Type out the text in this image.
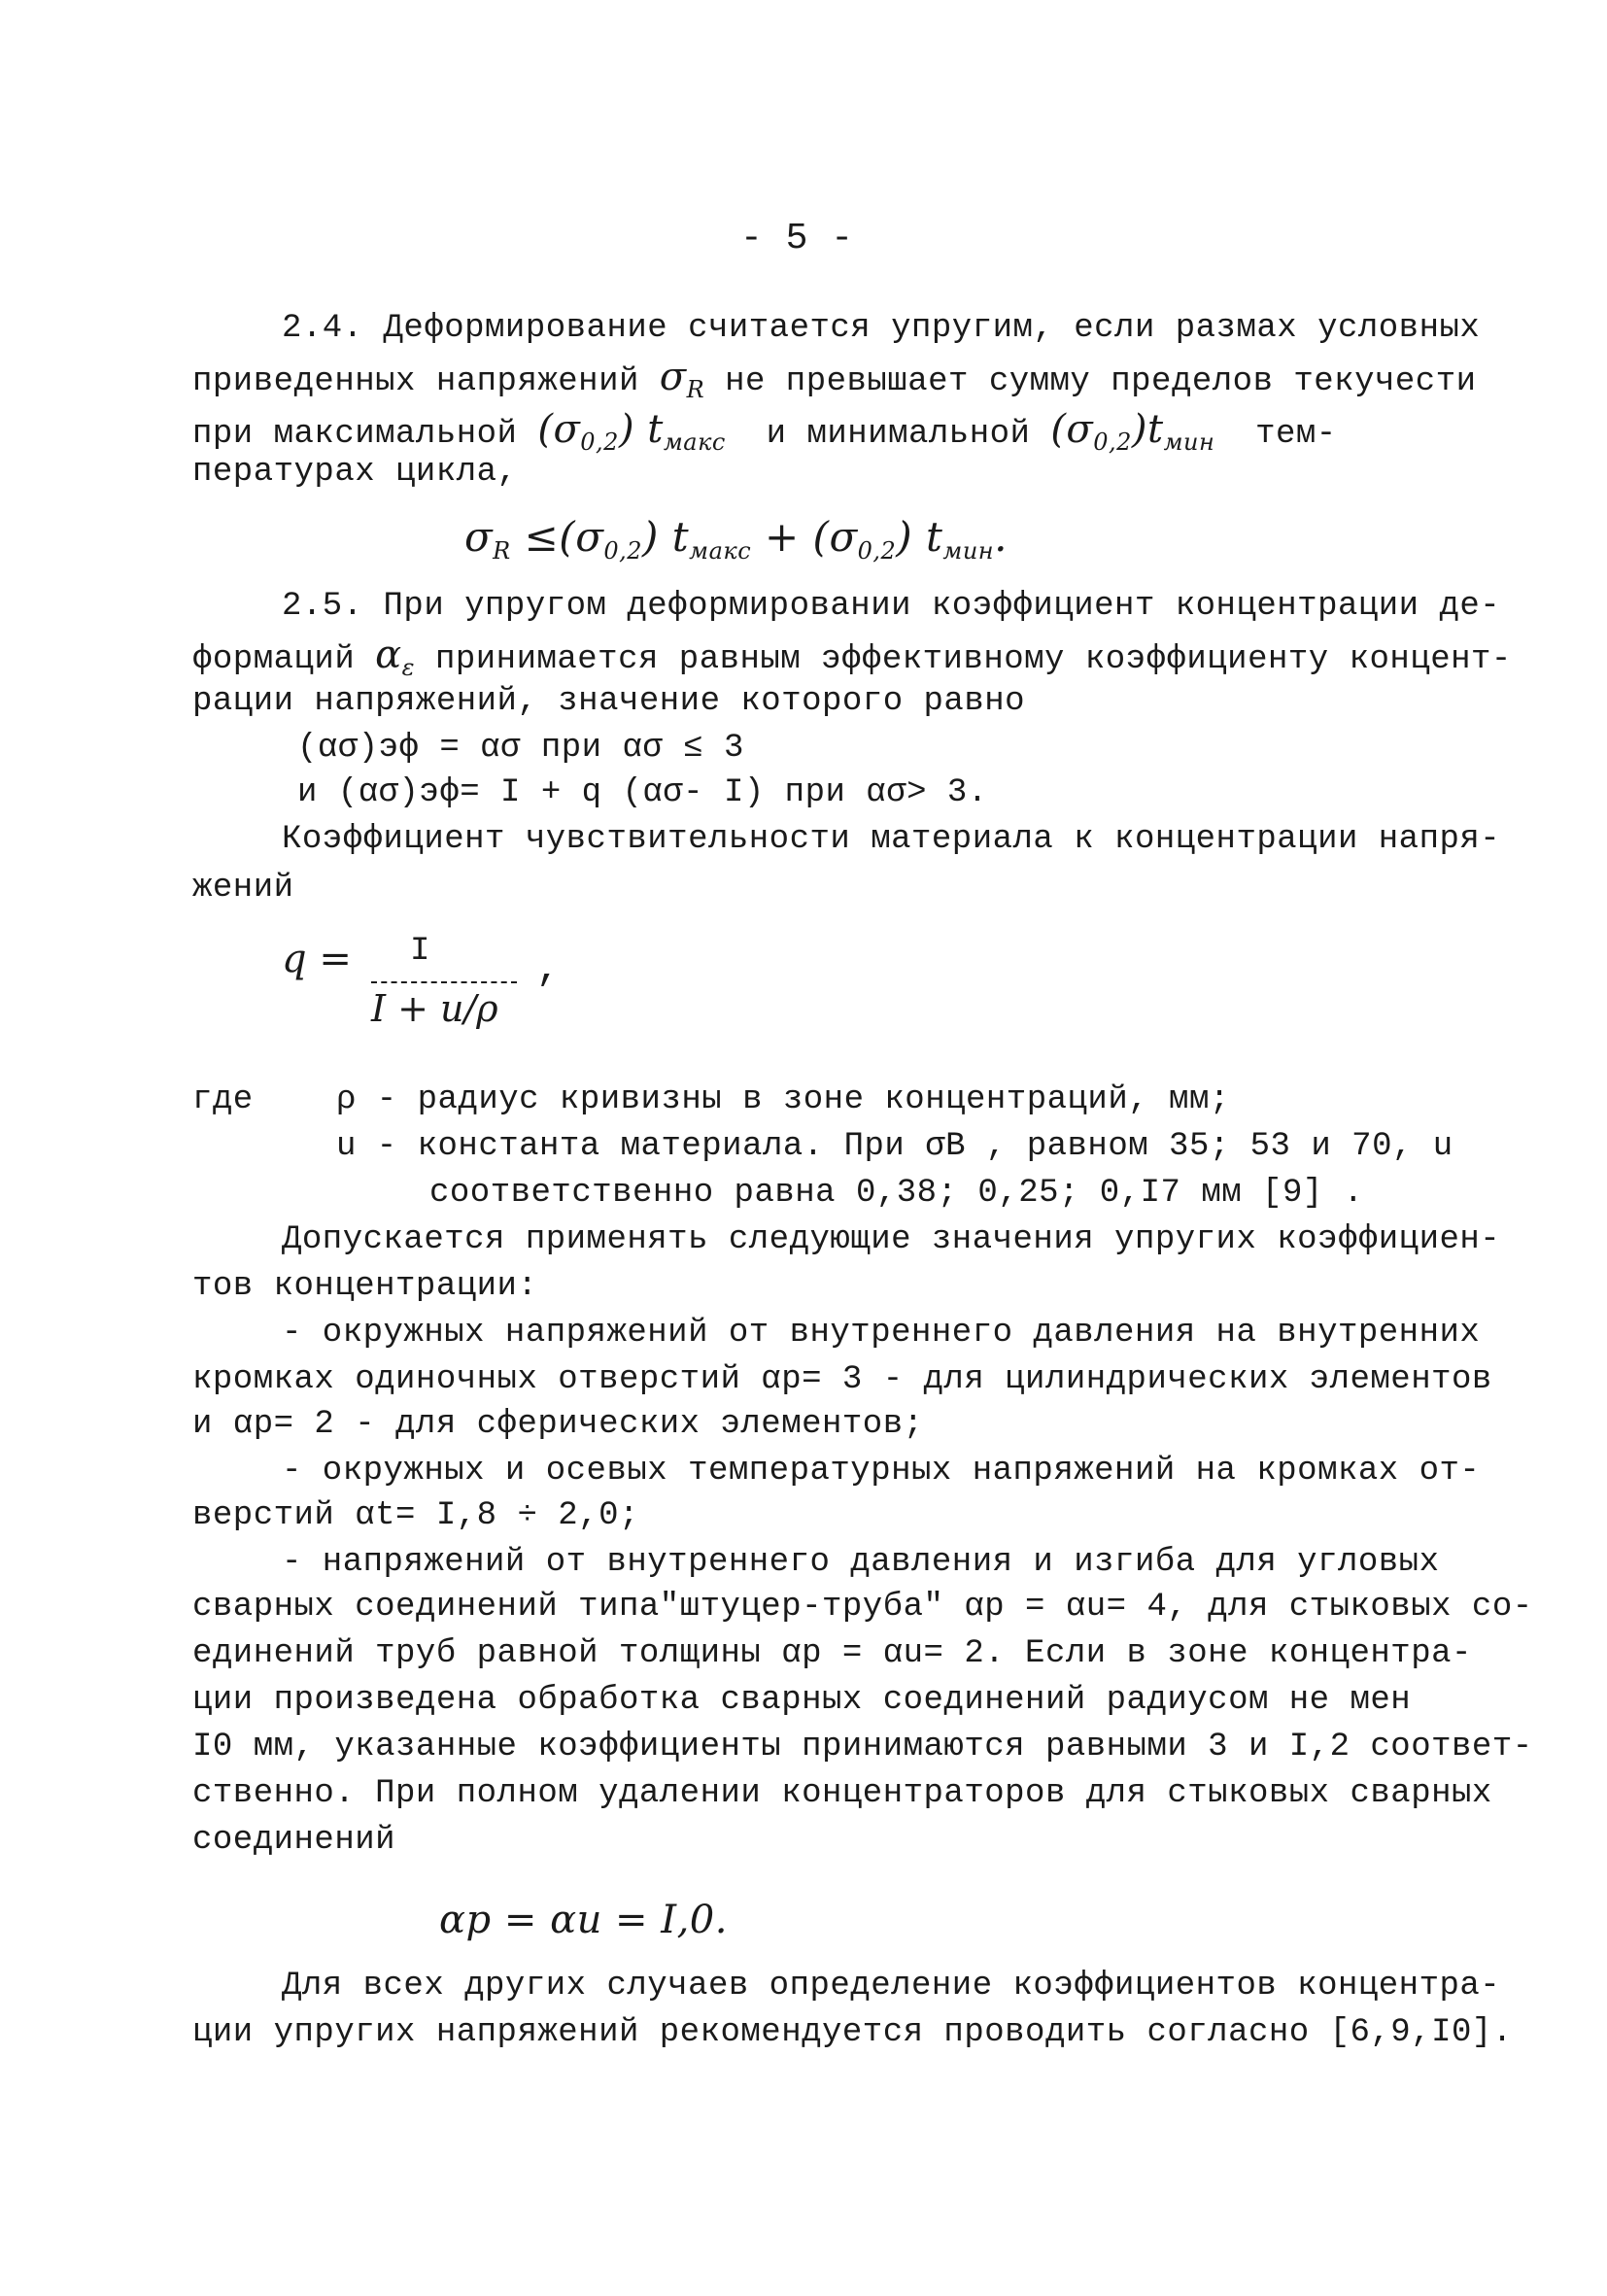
- 5 -
2.4. Деформирование считается упругим, если размах условных
приведенных напряжений $\sigma_R$ не превышает сумму пределов текучести
при максимальной $(\sigma_{0,2})$ $t_{макс}$ и минимальной $(\sigma_{0,2})t_{мин}$ тем-
пературах цикла,
$\sigma_R \le(\sigma_{0,2}) t_{макс} + (\sigma_{0,2})$ $t_{мин}$.
2.5. При упругом деформировании коэффициент концентрации де-
формаций $\alpha_\varepsilon$ принимается равным эффективному коэффициенту концент-
рации напряжений, значение которого равно
(ασ)эф = ασ при ασ ≤ 3
и (ασ)эф= I + q (ασ- I) при ασ> 3.
Коэффициент чувствительности материала к концентрации напря-
жений
q = I
I + u/ρ
,
где	ρ - радиус кривизны в зоне концентраций, мм;
u - константа материала. При σB , равном 35; 53 и 70, u
соответственно равна 0,38; 0,25; 0,I7 мм [9] .
Допускается применять следующие значения упругих коэффициен-
тов концентрации:
- окружных напряжений от внутреннего давления на внутренних
кромках одиночных отверстий αp= 3 - для цилиндрических элементов
и αp= 2 - для сферических элементов;
- окружных и осевых температурных напряжений на кромках от-
верстий αt= I,8 ÷ 2,0;
- напряжений от внутреннего давления и изгиба для угловых
сварных соединений типа"штуцер-труба" αp = αu= 4, для стыковых со-
единений труб равной толщины αp = αu= 2. Если в зоне концентра-
ции произведена обработка сварных соединений радиусом не мен
I0 мм, указанные коэффициенты принимаются равными 3 и I,2 соответ-
ственно. При полном удалении концентраторов для стыковых сварных
соединений
αp = αu = I,0.
Для всех других случаев определение коэффициентов концентра-
ции упругих напряжений рекомендуется проводить согласно [6,9,I0].
